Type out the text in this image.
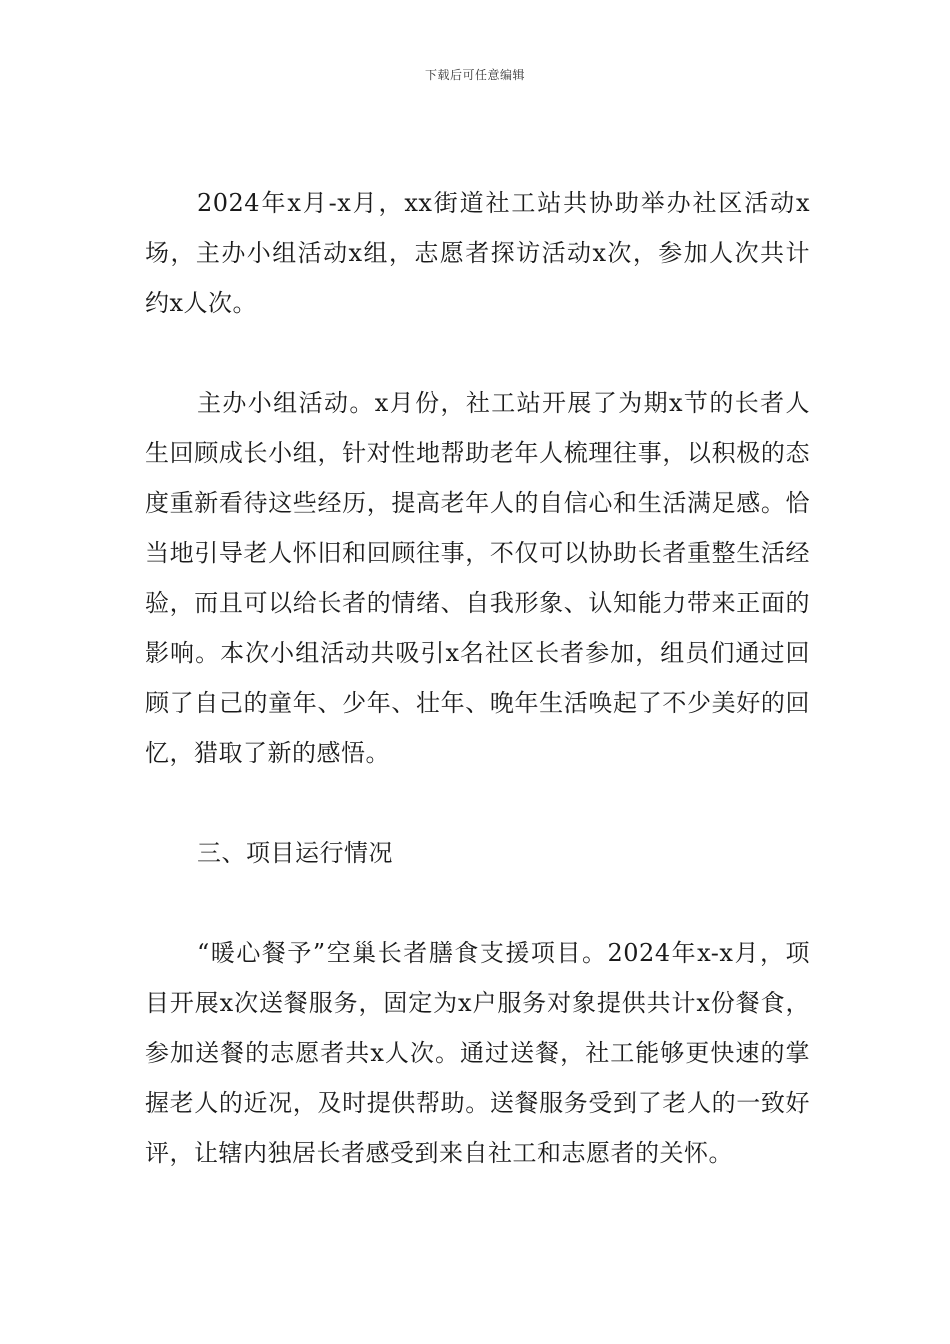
下载后可任意编辑

2024年x月-x月，xx街道社工站共协助举办社区活动x场，主办小组活动x组，志愿者探访活动x次，参加人次共计约x人次。

主办小组活动。x月份，社工站开展了为期x节的长者人生回顾成长小组，针对性地帮助老年人梳理往事，以积极的态度重新看待这些经历，提高老年人的自信心和生活满足感。恰当地引导老人怀旧和回顾往事，不仅可以协助长者重整生活经验，而且可以给长者的情绪、自我形象、认知能力带来正面的影响。本次小组活动共吸引x名社区长者参加，组员们通过回顾了自己的童年、少年、壮年、晚年生活唤起了不少美好的回忆，猎取了新的感悟。

三、项目运行情况

“暖心餐予”空巢长者膳食支援项目。2024年x-x月，项目开展x次送餐服务，固定为x户服务对象提供共计x份餐食，参加送餐的志愿者共x人次。通过送餐，社工能够更快速的掌握老人的近况，及时提供帮助。送餐服务受到了老人的一致好评，让辖内独居长者感受到来自社工和志愿者的关怀。
